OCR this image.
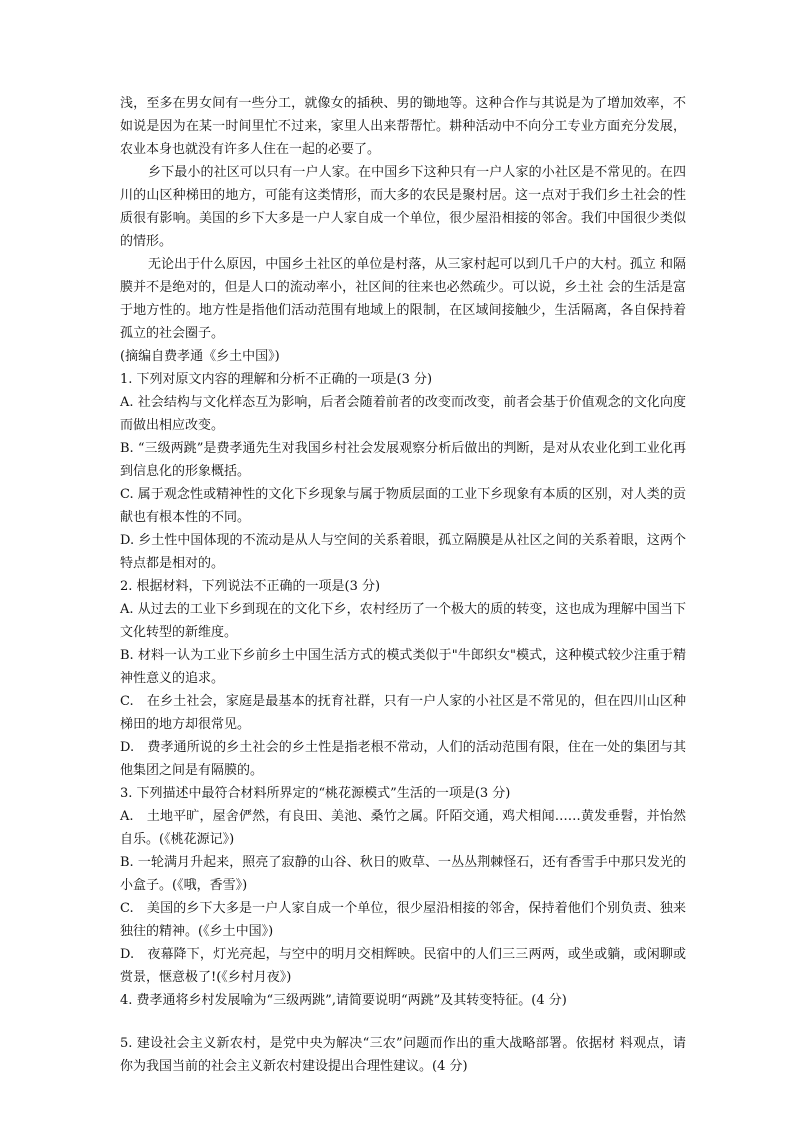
浅，至多在男女间有一些分工，就像女的插秧、男的锄地等。这种合作与其说是为了增加效率，不如说是因为在某一时间里忙不过来，家里人出来帮帮忙。耕种活动中不向分工专业方面充分发展，农业本身也就没有许多人住在一起的必要了。

乡下最小的社区可以只有一户人家。在中国乡下这种只有一户人家的小社区是不常见的。在四川的山区种梯田的地方，可能有这类情形，而大多的农民是聚村居。这一点对于我们乡土社会的性质很有影响。美国的乡下大多是一户人家自成一个单位，很少屋沿相接的邻舍。我们中国很少类似的情形。

无论出于什么原因，中国乡土社区的单位是村落，从三家村起可以到几千户的大村。孤立 和隔膜并不是绝对的，但是人口的流动率小，社区间的往来也必然疏少。可以说，乡土社 会的生活是富于地方性的。地方性是指他们活动范围有地域上的限制，在区域间接触少，生活隔离，各自保持着孤立的社会圈子。

(摘编自费孝通《乡土中国》)

1. 下列对原文内容的理解和分析不正确的一项是(3 分)

A. 社会结构与文化样态互为影响，后者会随着前者的改变而改变，前者会基于价值观念的文化向度而做出相应改变。

B. “三级两跳”是费孝通先生对我国乡村社会发展观察分析后做出的判断，是对从农业化到工业化再到信息化的形象概括。

C. 属于观念性或精神性的文化下乡现象与属于物质层面的工业下乡现象有本质的区别，对人类的贡献也有根本性的不同。

D. 乡土性中国体现的不流动是从人与空间的关系着眼，孤立隔膜是从社区之间的关系着眼，这两个特点都是相对的。

2. 根据材料，下列说法不正确的一项是(3 分)

A. 从过去的工业下乡到现在的文化下乡，农村经历了一个极大的质的转变，这也成为理解中国当下文化转型的新维度。

B. 材料一认为工业下乡前乡土中国生活方式的模式类似于"牛郎织女"模式，这种模式较少注重于精神性意义的追求。

C.　在乡土社会，家庭是最基本的抚育社群，只有一户人家的小社区是不常见的，但在四川山区种梯田的地方却很常见。

D.　费孝通所说的乡土社会的乡土性是指老根不常动，人们的活动范围有限，住在一处的集团与其他集团之间是有隔膜的。

3. 下列描述中最符合材料所界定的“桃花源模式”生活的一项是(3 分)

A.　土地平旷，屋舍俨然，有良田、美池、桑竹之属。阡陌交通，鸡犬相闻……黄发垂髫，并怡然自乐。(《桃花源记》)

B. 一轮满月升起来，照亮了寂静的山谷、秋日的败草、一丛丛荆棘怪石，还有香雪手中那只发光的小盒子。(《哦，香雪》)

C.　美国的乡下大多是一户人家自成一个单位，很少屋沿相接的邻舍，保持着他们个别负责、独来独往的精神。(《乡土中国》)

D.　夜幕降下，灯光亮起，与空中的明月交相辉映。民宿中的人们三三两两，或坐或躺，或闲聊或赏景，惬意极了!(《乡村月夜》)

4. 费孝通将乡村发展喻为“三级两跳”,请简要说明“两跳”及其转变特征。(4 分)

5. 建设社会主义新农村，是党中央为解决“三农”问题而作出的重大战略部署。依据材 料观点，请你为我国当前的社会主义新农村建设提出合理性建议。(4 分)
